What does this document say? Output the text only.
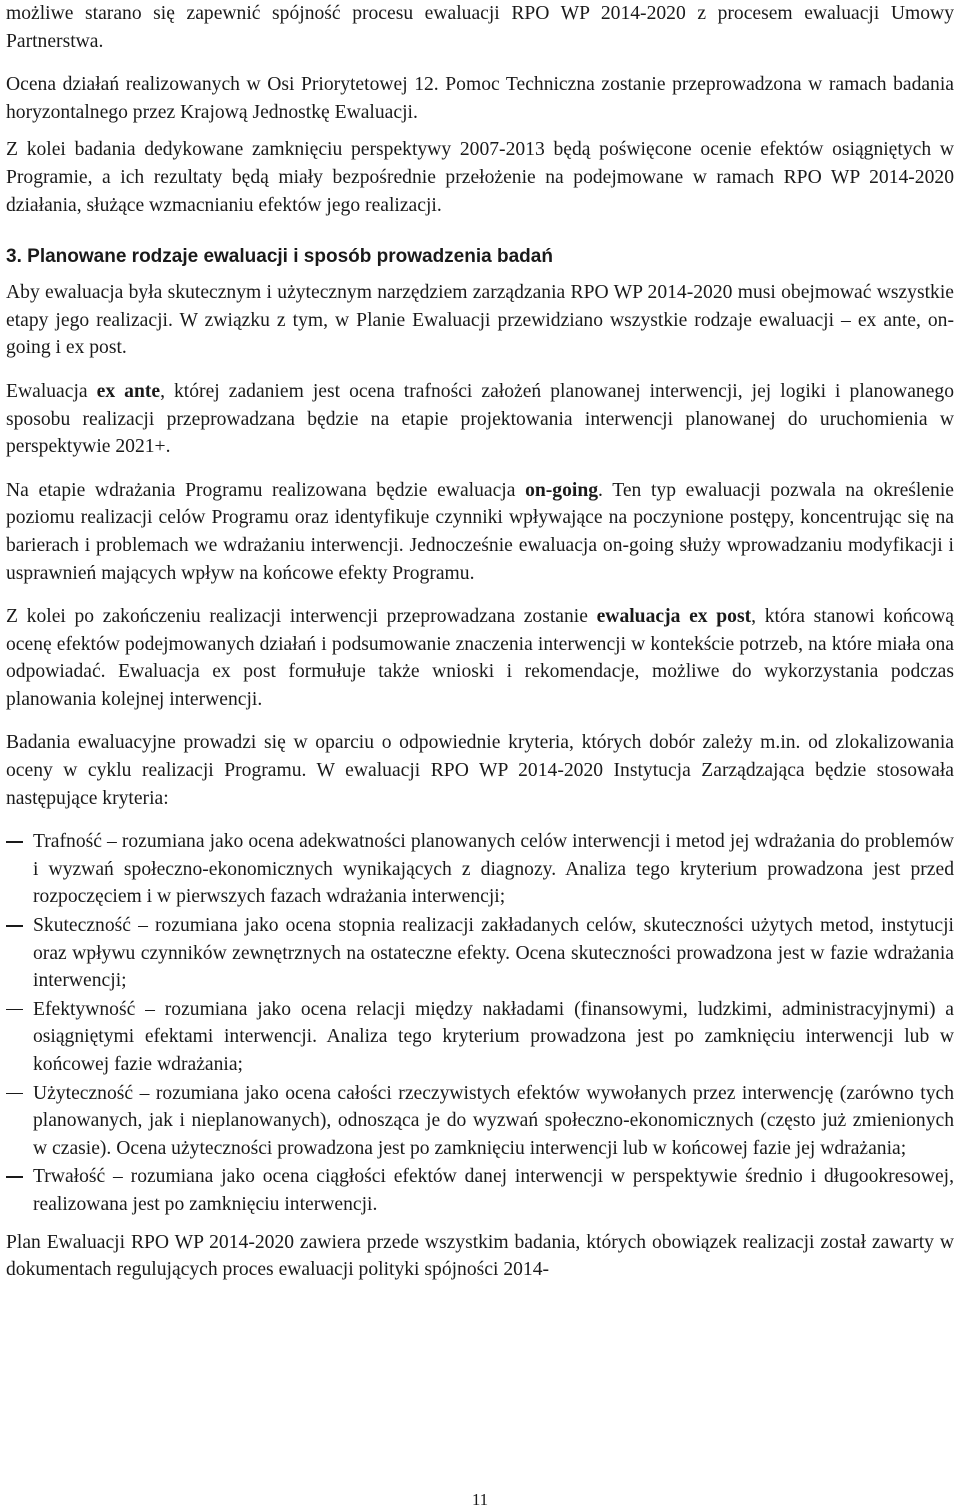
możliwe starano się zapewnić spójność procesu ewaluacji RPO WP 2014-2020 z procesem ewaluacji Umowy Partnerstwa.

Ocena działań realizowanych w Osi Priorytetowej 12. Pomoc Techniczna zostanie przeprowadzona w ramach badania horyzontalnego przez Krajową Jednostkę Ewaluacji.

Z kolei badania dedykowane zamknięciu perspektywy 2007-2013 będą poświęcone ocenie efektów osiągniętych w Programie, a ich rezultaty będą miały bezpośrednie przełożenie na podejmowane w ramach RPO WP 2014-2020 działania, służące wzmacnianiu efektów jego realizacji.

3. Planowane rodzaje ewaluacji i sposób prowadzenia badań

Aby ewaluacja była skutecznym i użytecznym narzędziem zarządzania RPO WP 2014-2020 musi obejmować wszystkie etapy jego realizacji. W związku z tym, w Planie Ewaluacji przewidziano wszystkie rodzaje ewaluacji – ex ante, on-going i ex post.

Ewaluacja ex ante, której zadaniem jest ocena trafności założeń planowanej interwencji, jej logiki i planowanego sposobu realizacji przeprowadzana będzie na etapie projektowania interwencji planowanej do uruchomienia w perspektywie 2021+.

Na etapie wdrażania Programu realizowana będzie ewaluacja on-going. Ten typ ewaluacji pozwala na określenie poziomu realizacji celów Programu oraz identyfikuje czynniki wpływające na poczynione postępy, koncentrując się na barierach i problemach we wdrażaniu interwencji. Jednocześnie ewaluacja on-going służy wprowadzaniu modyfikacji i usprawnień mających wpływ na końcowe efekty Programu.

Z kolei po zakończeniu realizacji interwencji przeprowadzana zostanie ewaluacja ex post, która stanowi końcową ocenę efektów podejmowanych działań i podsumowanie znaczenia interwencji w kontekście potrzeb, na które miała ona odpowiadać. Ewaluacja ex post formułuje także wnioski i rekomendacje, możliwe do wykorzystania podczas planowania kolejnej interwencji.

Badania ewaluacyjne prowadzi się w oparciu o odpowiednie kryteria, których dobór zależy m.in. od zlokalizowania oceny w cyklu realizacji Programu. W ewaluacji RPO WP 2014-2020 Instytucja Zarządzająca będzie stosowała następujące kryteria:

Trafność – rozumiana jako ocena adekwatności planowanych celów interwencji i metod jej wdrażania do problemów i wyzwań społeczno-ekonomicznych wynikających z diagnozy. Analiza tego kryterium prowadzona jest przed rozpoczęciem i w pierwszych fazach wdrażania interwencji;
Skuteczność – rozumiana jako ocena stopnia realizacji zakładanych celów, skuteczności użytych metod, instytucji oraz wpływu czynników zewnętrznych na ostateczne efekty. Ocena skuteczności prowadzona jest w fazie wdrażania interwencji;
Efektywność – rozumiana jako ocena relacji między nakładami (finansowymi, ludzkimi, administracyjnymi) a osiągniętymi efektami interwencji. Analiza tego kryterium prowadzona jest po zamknięciu interwencji lub w końcowej fazie wdrażania;
Użyteczność – rozumiana jako ocena całości rzeczywistych efektów wywołanych przez interwencję (zarówno tych planowanych, jak i nieplanowanych), odnosząca je do wyzwań społeczno-ekonomicznych (często już zmienionych w czasie). Ocena użyteczności prowadzona jest po zamknięciu interwencji lub w końcowej fazie jej wdrażania;
Trwałość – rozumiana jako ocena ciągłości efektów danej interwencji w perspektywie średnio i długookresowej, realizowana jest po zamknięciu interwencji.

Plan Ewaluacji RPO WP 2014-2020 zawiera przede wszystkim badania, których obowiązek realizacji został zawarty w dokumentach regulujących proces ewaluacji polityki spójności 2014-

11
